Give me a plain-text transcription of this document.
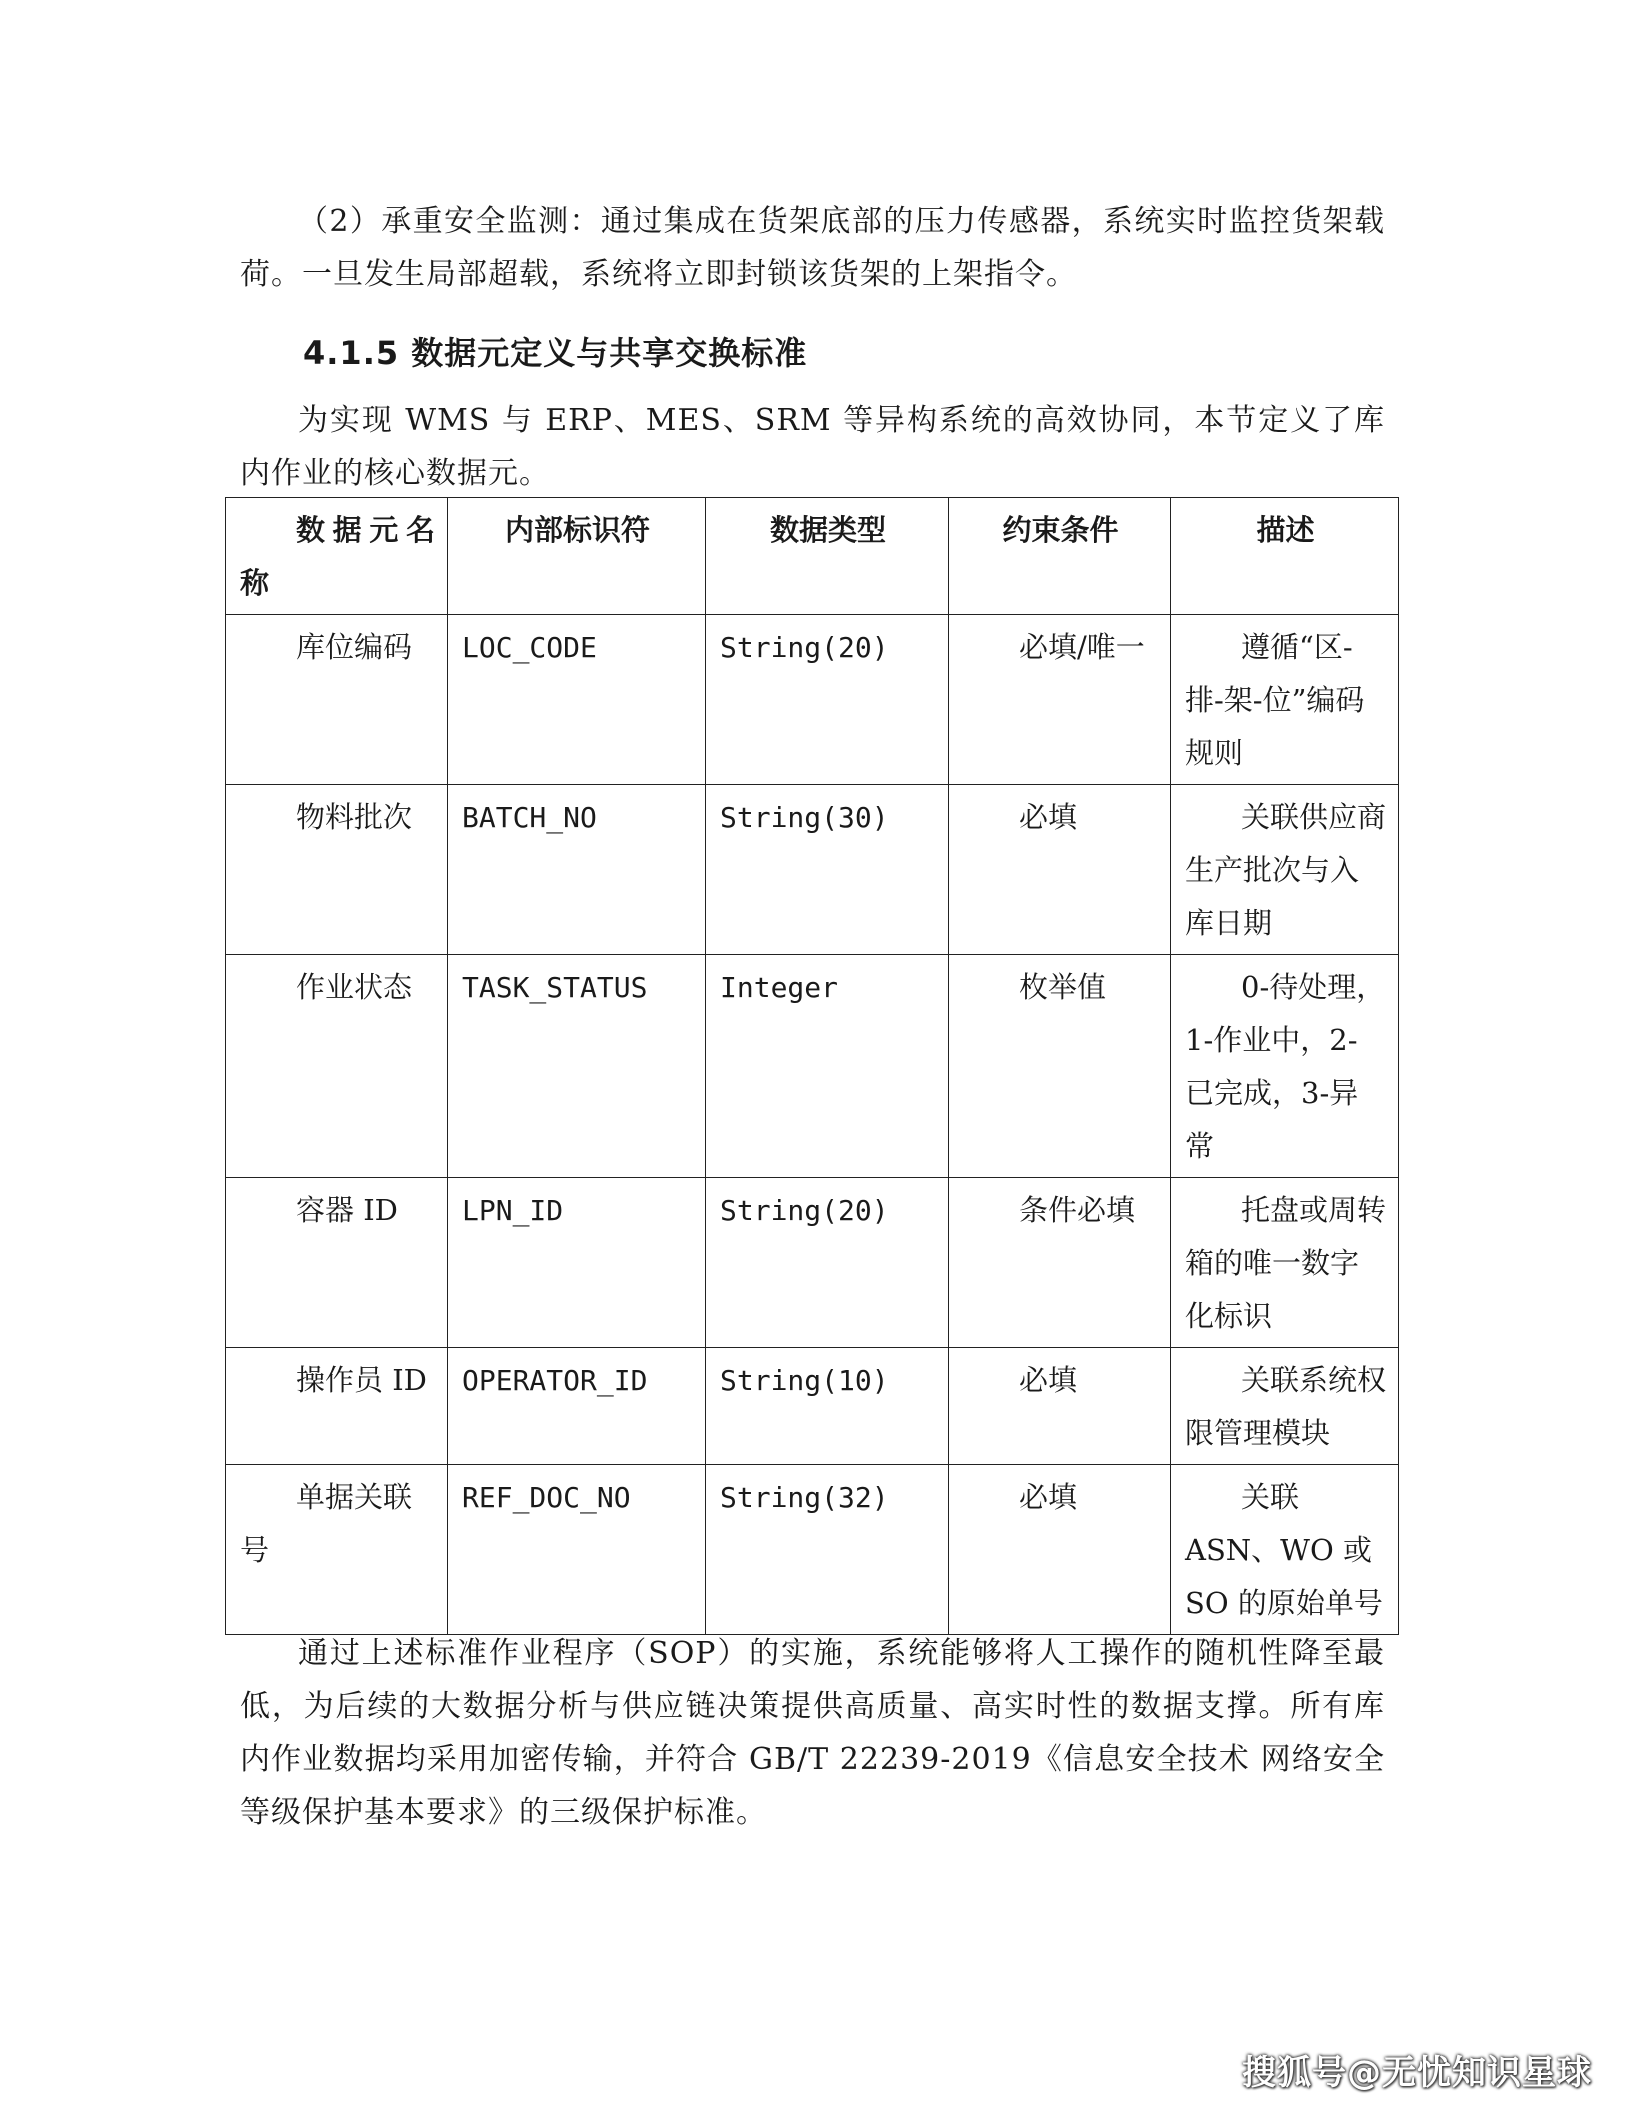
（2）承重安全监测：通过集成在货架底部的压力传感器，系统实时监控货架载荷。一旦发生局部超载，系统将立即封锁该货架的上架指令。

4.1.5 数据元定义与共享交换标准

为实现 WMS 与 ERP、MES、SRM 等异构系统的高效协同，本节定义了库内作业的核心数据元。

数据元名称	内部标识符	数据类型	约束条件	描述
库位编码	LOC_CODE	String(20)	必填/唯一	遵循“区-排-架-位”编码规则
物料批次	BATCH_NO	String(30)	必填	关联供应商生产批次与入库日期
作业状态	TASK_STATUS	Integer	枚举值	0-待处理，1-作业中，2-已完成，3-异常
容器 ID	LPN_ID	String(20)	条件必填	托盘或周转箱的唯一数字化标识
操作员 ID	OPERATOR_ID	String(10)	必填	关联系统权限管理模块
单据关联号	REF_DOC_NO	String(32)	必填	关联 ASN、WO 或 SO 的原始单号

通过上述标准作业程序（SOP）的实施，系统能够将人工操作的随机性降至最低，为后续的大数据分析与供应链决策提供高质量、高实时性的数据支撑。所有库内作业数据均采用加密传输，并符合 GB/T 22239-2019《信息安全技术 网络安全等级保护基本要求》的三级保护标准。

搜狐号@无忧知识星球
